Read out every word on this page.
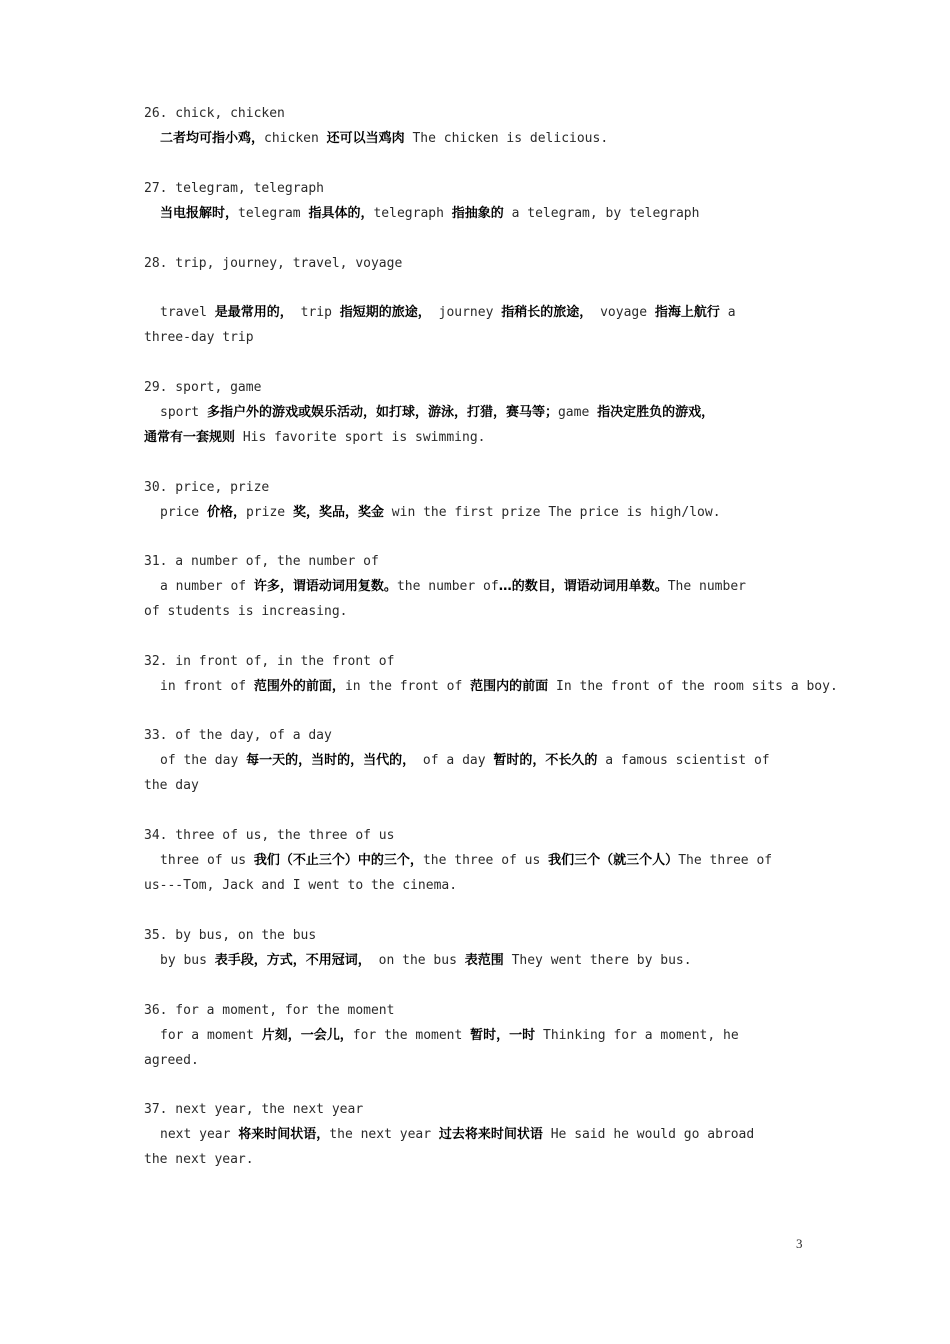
26. chick, chicken
二者均可指小鸡，chicken 还可以当鸡肉 The chicken is delicious.
27. telegram, telegraph
当电报解时，telegram 指具体的，telegraph 指抽象的 a telegram, by telegraph
28. trip, journey, travel, voyage
travel 是最常用的， trip 指短期的旅途， journey 指稍长的旅途， voyage 指海上航行 a
three-day trip
29. sport, game
sport 多指户外的游戏或娱乐活动，如打球，游泳，打猎，赛马等；game 指决定胜负的游戏，
通常有一套规则 His favorite sport is swimming.
30. price, prize
price 价格，prize 奖，奖品，奖金 win the first prize The price is high/low.
31. a number of, the number of
a number of 许多，谓语动词用复数。the number of…的数目，谓语动词用单数。The number
of students is increasing.
32. in front of, in the front of
in front of 范围外的前面，in the front of 范围内的前面 In the front of the room sits a boy.
33. of the day, of a day
of the day 每一天的，当时的，当代的， of a day 暂时的，不长久的 a famous scientist of
the day
34. three of us, the three of us
three of us 我们（不止三个）中的三个，the three of us 我们三个（就三个人）The three of
us---Tom, Jack and I went to the cinema.
35. by bus, on the bus
by bus 表手段，方式，不用冠词， on the bus 表范围 They went there by bus.
36. for a moment, for the moment
for a moment 片刻，一会儿，for the moment 暂时，一时 Thinking for a moment, he
agreed.
37. next year, the next year
next year 将来时间状语，the next year 过去将来时间状语 He said he would go abroad
the next year.
3
